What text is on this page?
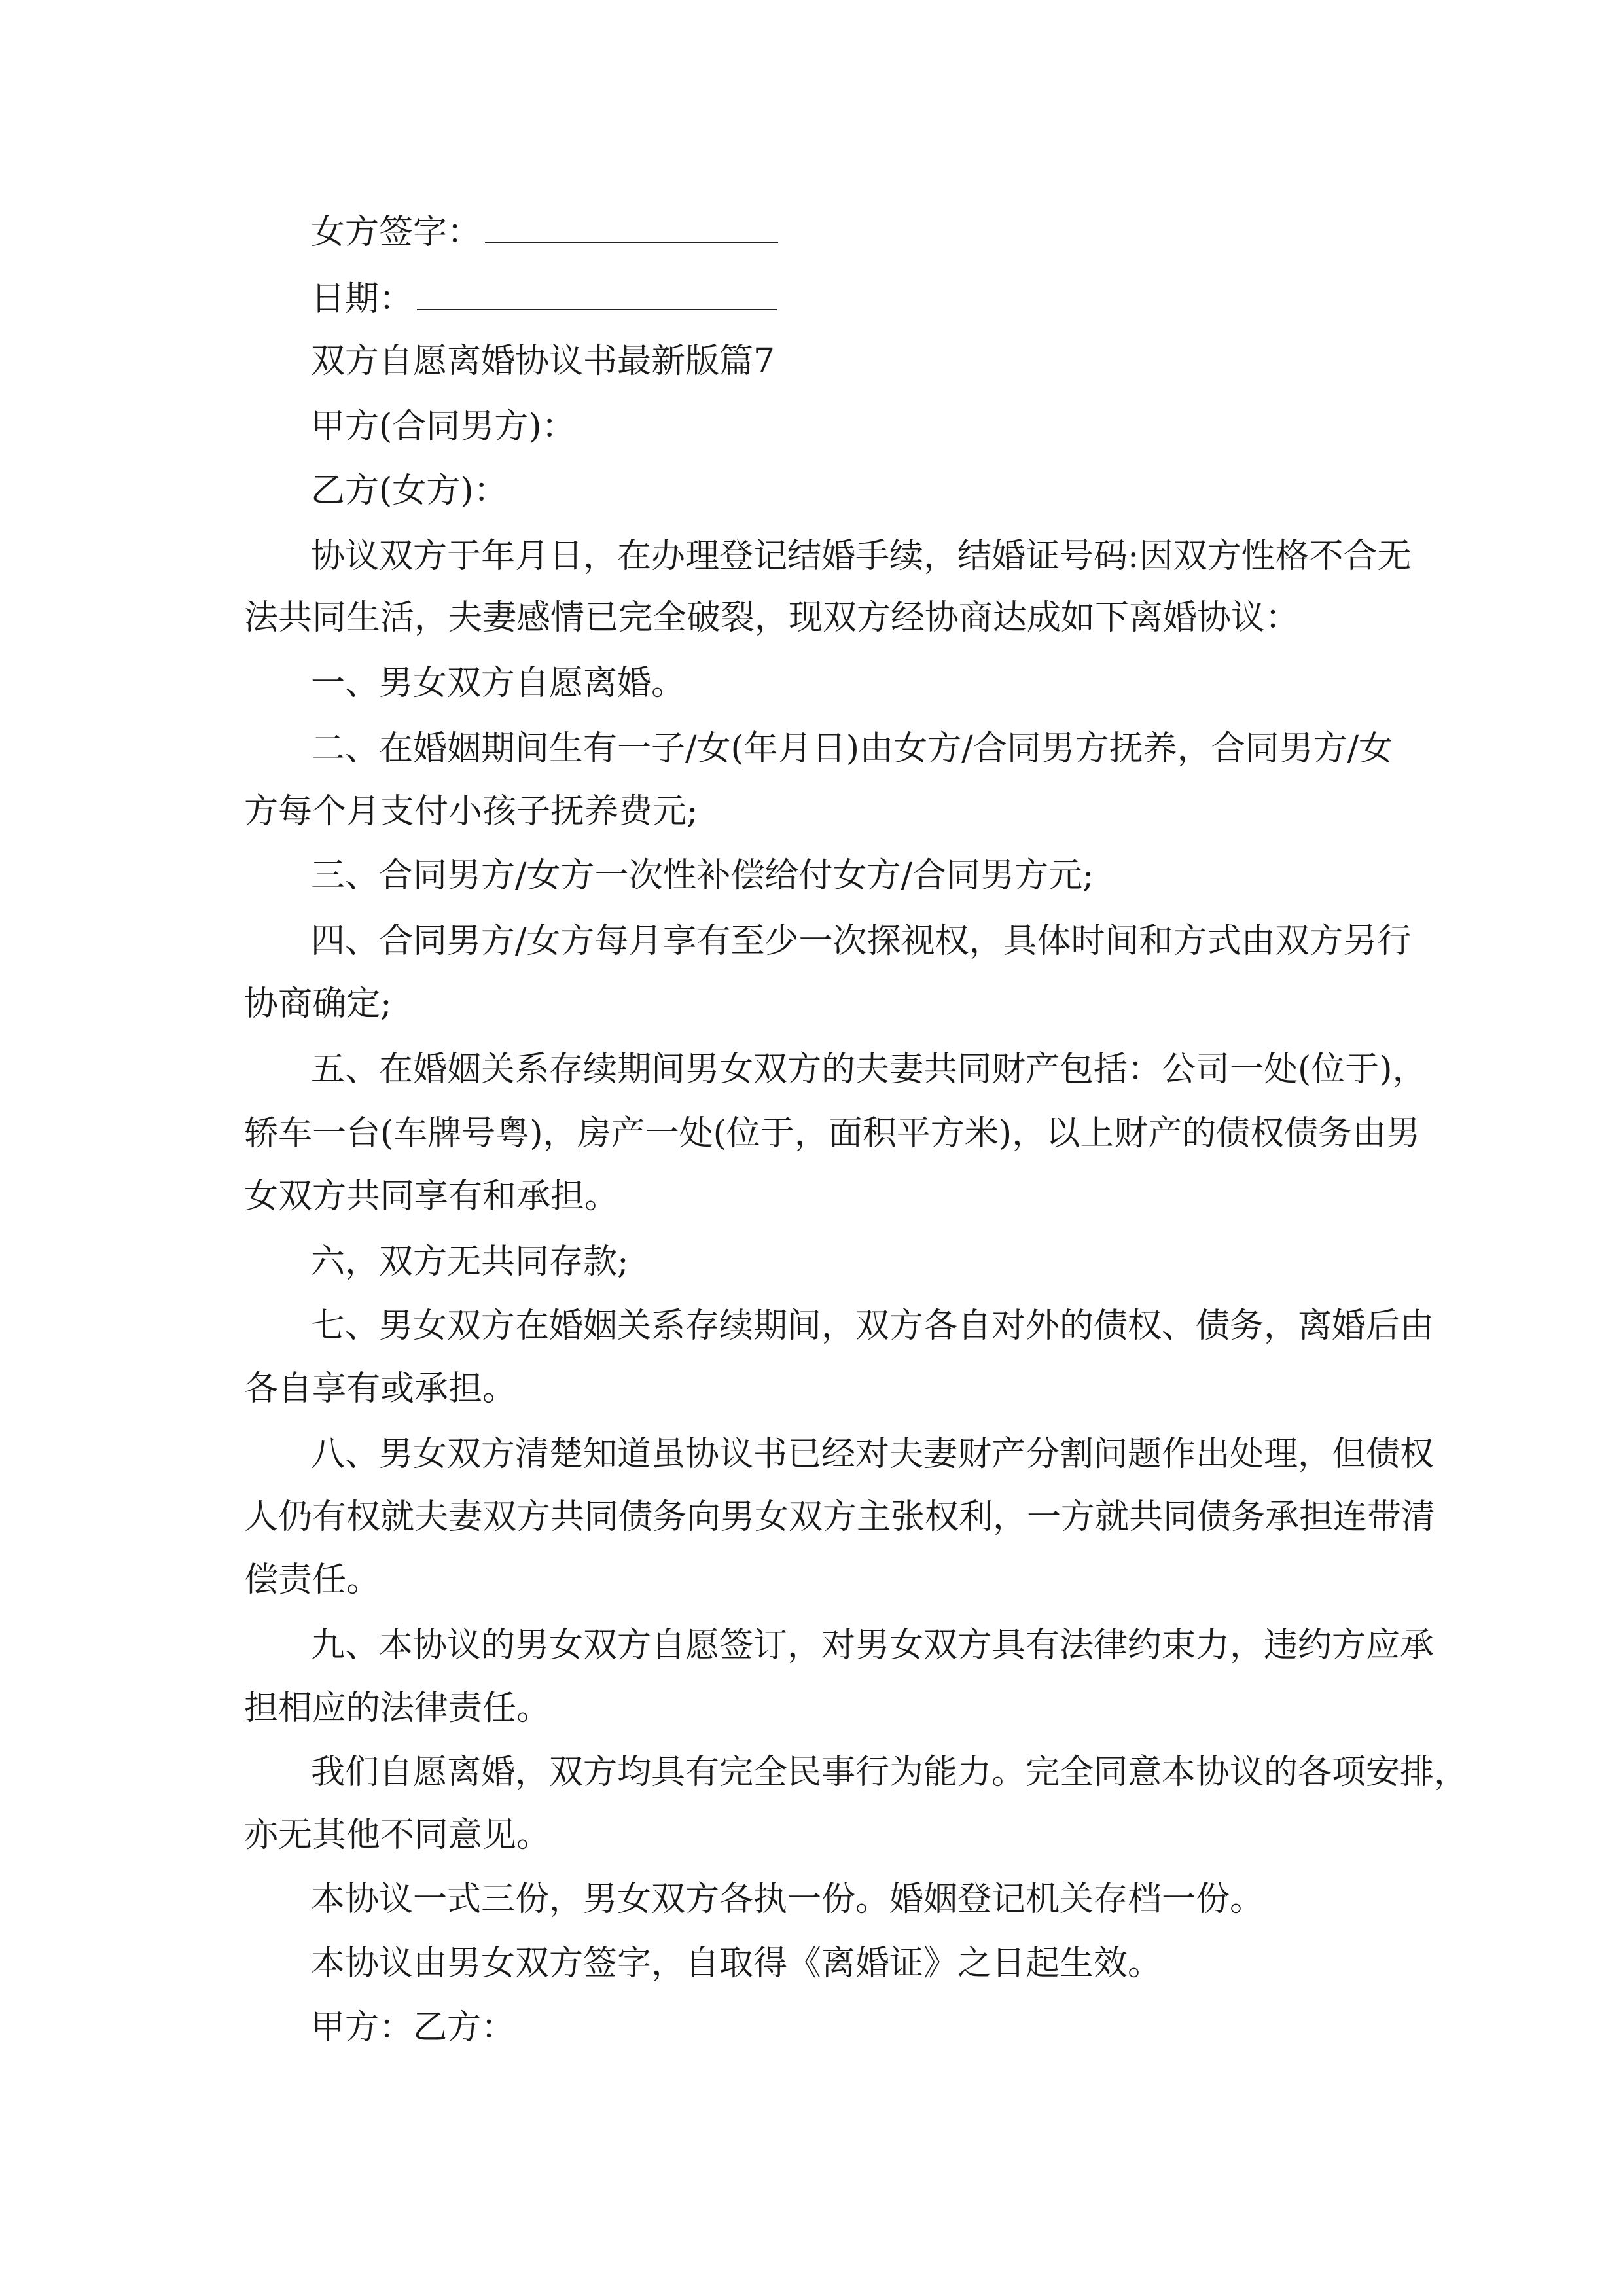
女方签字：
日期：
双方自愿离婚协议书最新版篇7
甲方(合同男方)：
乙方(女方)：
协议双方于年月日，在办理登记结婚手续，结婚证号码:因双方性格不合无
法共同生活，夫妻感情已完全破裂，现双方经协商达成如下离婚协议：
一、男女双方自愿离婚。
二、在婚姻期间生有一子/女(年月日)由女方/合同男方抚养，合同男方/女
方每个月支付小孩子抚养费元;
三、合同男方/女方一次性补偿给付女方/合同男方元;
四、合同男方/女方每月享有至少一次探视权，具体时间和方式由双方另行
协商确定;
五、在婚姻关系存续期间男女双方的夫妻共同财产包括：公司一处(位于)，
轿车一台(车牌号粤)，房产一处(位于，面积平方米)，以上财产的债权债务由男
女双方共同享有和承担。
六，双方无共同存款;
七、男女双方在婚姻关系存续期间，双方各自对外的债权、债务，离婚后由
各自享有或承担。
八、男女双方清楚知道虽协议书已经对夫妻财产分割问题作出处理，但债权
人仍有权就夫妻双方共同债务向男女双方主张权利，一方就共同债务承担连带清
偿责任。
九、本协议的男女双方自愿签订，对男女双方具有法律约束力，违约方应承
担相应的法律责任。
我们自愿离婚，双方均具有完全民事行为能力。完全同意本协议的各项安排，
亦无其他不同意见。
本协议一式三份，男女双方各执一份。婚姻登记机关存档一份。
本协议由男女双方签字，自取得《离婚证》之日起生效。
甲方：乙方：
